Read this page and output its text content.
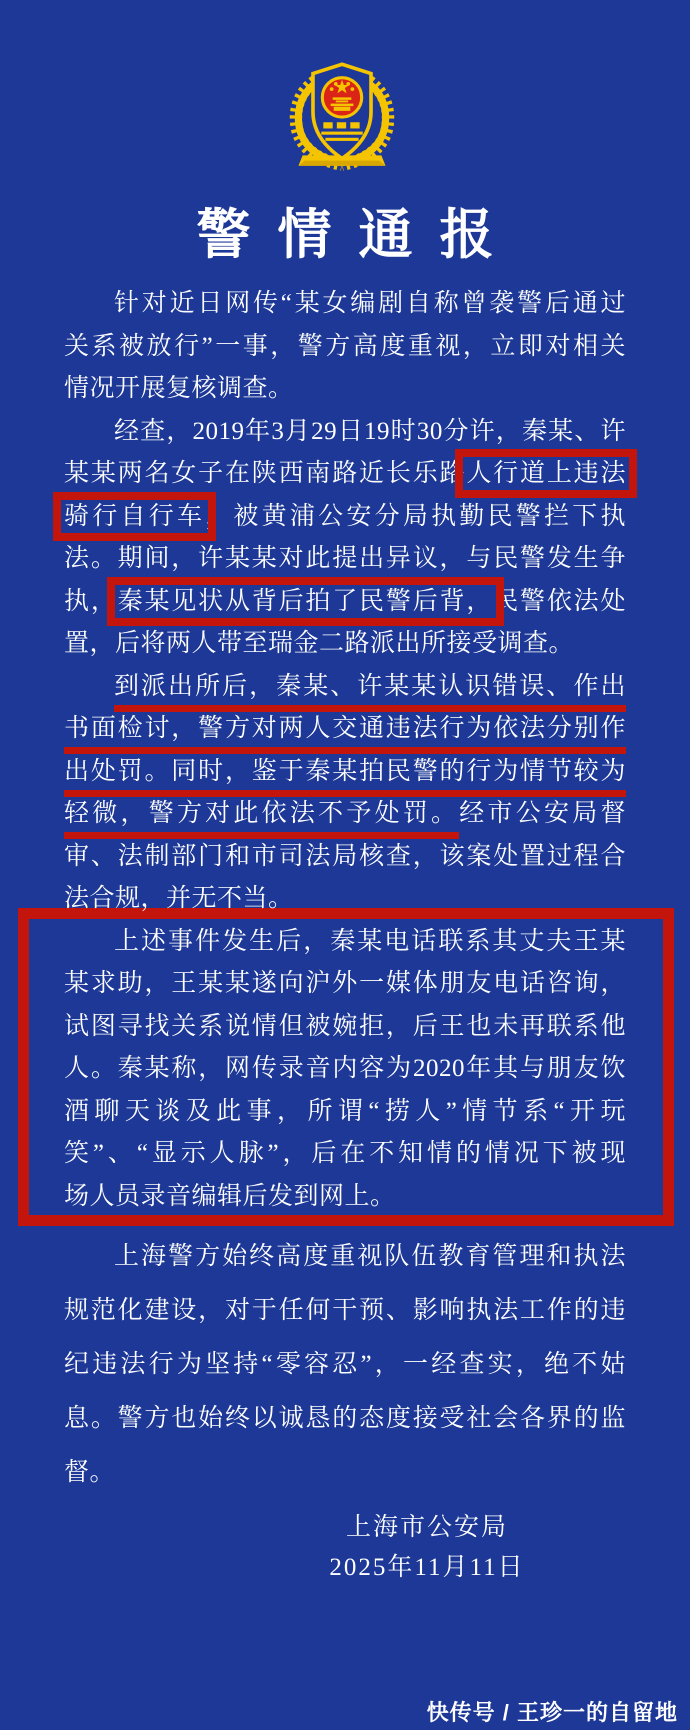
警情通报
针对近日网传“某女编剧自称曾袭警后通过
关系被放行”一事，警方高度重视，立即对相关
情况开展复核调查。
经查，2019年3月29日19时30分许，秦某、许
某某两名女子在陕西南路近长乐路人行道上违法
骑行自行车，被黄浦公安分局执勤民警拦下执
法。期间，许某某对此提出异议，与民警发生争
执，秦某见状从背后拍了民警后背，民警依法处
置，后将两人带至瑞金二路派出所接受调查。
到派出所后，秦某、许某某认识错误、作出
书面检讨，警方对两人交通违法行为依法分别作
出处罚。同时，鉴于秦某拍民警的行为情节较为
轻微，警方对此依法不予处罚。经市公安局督
审、法制部门和市司法局核查，该案处置过程合
法合规，并无不当。
上述事件发生后，秦某电话联系其丈夫王某
某求助，王某某遂向沪外一媒体朋友电话咨询，
试图寻找关系说情但被婉拒，后王也未再联系他
人。秦某称，网传录音内容为2020年其与朋友饮
酒聊天谈及此事，所谓“捞人”情节系“开玩
笑”、“显示人脉”，后在不知情的情况下被现
场人员录音编辑后发到网上。
上海警方始终高度重视队伍教育管理和执法
规范化建设，对于任何干预、影响执法工作的违
纪违法行为坚持“零容忍”，一经查实，绝不姑
息。警方也始终以诚恳的态度接受社会各界的监
督。
上海市公安局
2025年11月11日
快传号 / 王珍一的自留地
